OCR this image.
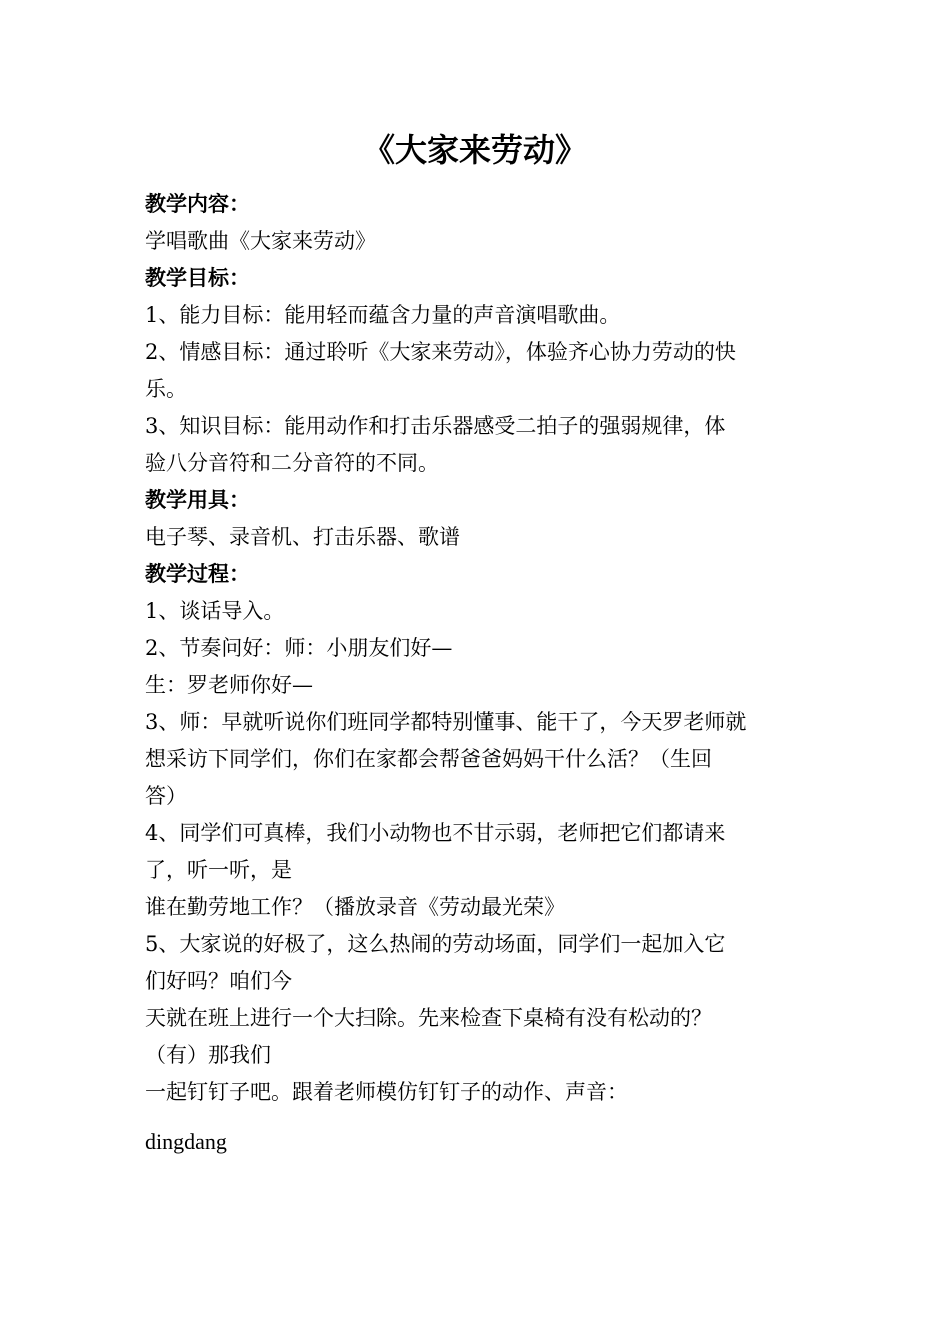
《大家来劳动》
教学内容：
学唱歌曲《大家来劳动》
教学目标：
1、能力目标：能用轻而蕴含力量的声音演唱歌曲。
2、情感目标：通过聆听《大家来劳动》，体验齐心协力劳动的快
乐。
3、知识目标：能用动作和打击乐器感受二拍子的强弱规律，体
验八分音符和二分音符的不同。
教学用具：
电子琴、录音机、打击乐器、歌谱
教学过程：
1、谈话导入。
2、节奏问好：师：小朋友们好—
生：罗老师你好—
3、师：早就听说你们班同学都特别懂事、能干了，今天罗老师就
想采访下同学们，你们在家都会帮爸爸妈妈干什么活？（生回
答）
4、同学们可真棒，我们小动物也不甘示弱，老师把它们都请来
了，听一听，是
谁在勤劳地工作？（播放录音《劳动最光荣》
5、大家说的好极了，这么热闹的劳动场面，同学们一起加入它
们好吗？咱们今
天就在班上进行一个大扫除。先来检查下桌椅有没有松动的？
（有）那我们
一起钉钉子吧。跟着老师模仿钉钉子的动作、声音：
dingdang
